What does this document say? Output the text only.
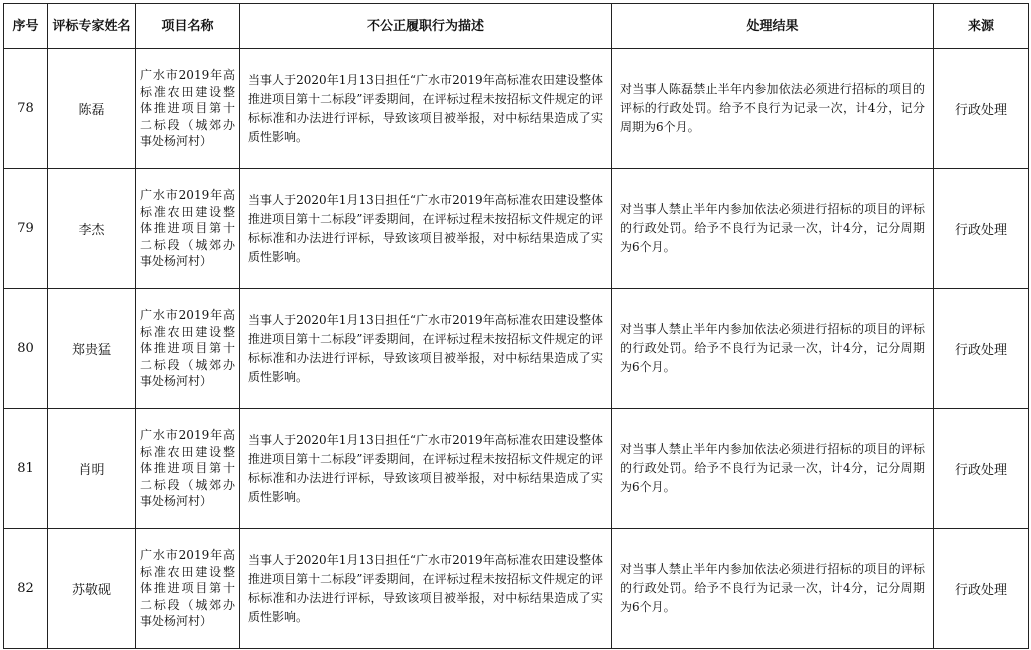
序号	评标专家姓名	项目名称	不公正履职行为描述	处理结果	来源
78	陈磊	广水市2019年高标准农田建设整体推进项目第十二标段（城郊办事处杨河村）	当事人于2020年1月13日担任“广水市2019年高标准农田建设整体推进项目第十二标段”评委期间，在评标过程未按招标文件规定的评标标准和办法进行评标，导致该项目被举报，对中标结果造成了实质性影响。	对当事人陈磊禁止半年内参加依法必须进行招标的项目的评标的行政处罚。给予不良行为记录一次，计4分，记分周期为6个月。	行政处理
79	李杰	广水市2019年高标准农田建设整体推进项目第十二标段（城郊办事处杨河村）	当事人于2020年1月13日担任“广水市2019年高标准农田建设整体推进项目第十二标段”评委期间，在评标过程未按招标文件规定的评标标准和办法进行评标，导致该项目被举报，对中标结果造成了实质性影响。	对当事人禁止半年内参加依法必须进行招标的项目的评标的行政处罚。给予不良行为记录一次，计4分，记分周期为6个月。	行政处理
80	郑贵猛	广水市2019年高标准农田建设整体推进项目第十二标段（城郊办事处杨河村）	当事人于2020年1月13日担任“广水市2019年高标准农田建设整体推进项目第十二标段”评委期间，在评标过程未按招标文件规定的评标标准和办法进行评标，导致该项目被举报，对中标结果造成了实质性影响。	对当事人禁止半年内参加依法必须进行招标的项目的评标的行政处罚。给予不良行为记录一次，计4分，记分周期为6个月。	行政处理
81	肖明	广水市2019年高标准农田建设整体推进项目第十二标段（城郊办事处杨河村）	当事人于2020年1月13日担任“广水市2019年高标准农田建设整体推进项目第十二标段”评委期间，在评标过程未按招标文件规定的评标标准和办法进行评标，导致该项目被举报，对中标结果造成了实质性影响。	对当事人禁止半年内参加依法必须进行招标的项目的评标的行政处罚。给予不良行为记录一次，计4分，记分周期为6个月。	行政处理
82	苏敬砚	广水市2019年高标准农田建设整体推进项目第十二标段（城郊办事处杨河村）	当事人于2020年1月13日担任“广水市2019年高标准农田建设整体推进项目第十二标段”评委期间，在评标过程未按招标文件规定的评标标准和办法进行评标，导致该项目被举报，对中标结果造成了实质性影响。	对当事人禁止半年内参加依法必须进行招标的项目的评标的行政处罚。给予不良行为记录一次，计4分，记分周期为6个月。	行政处理
